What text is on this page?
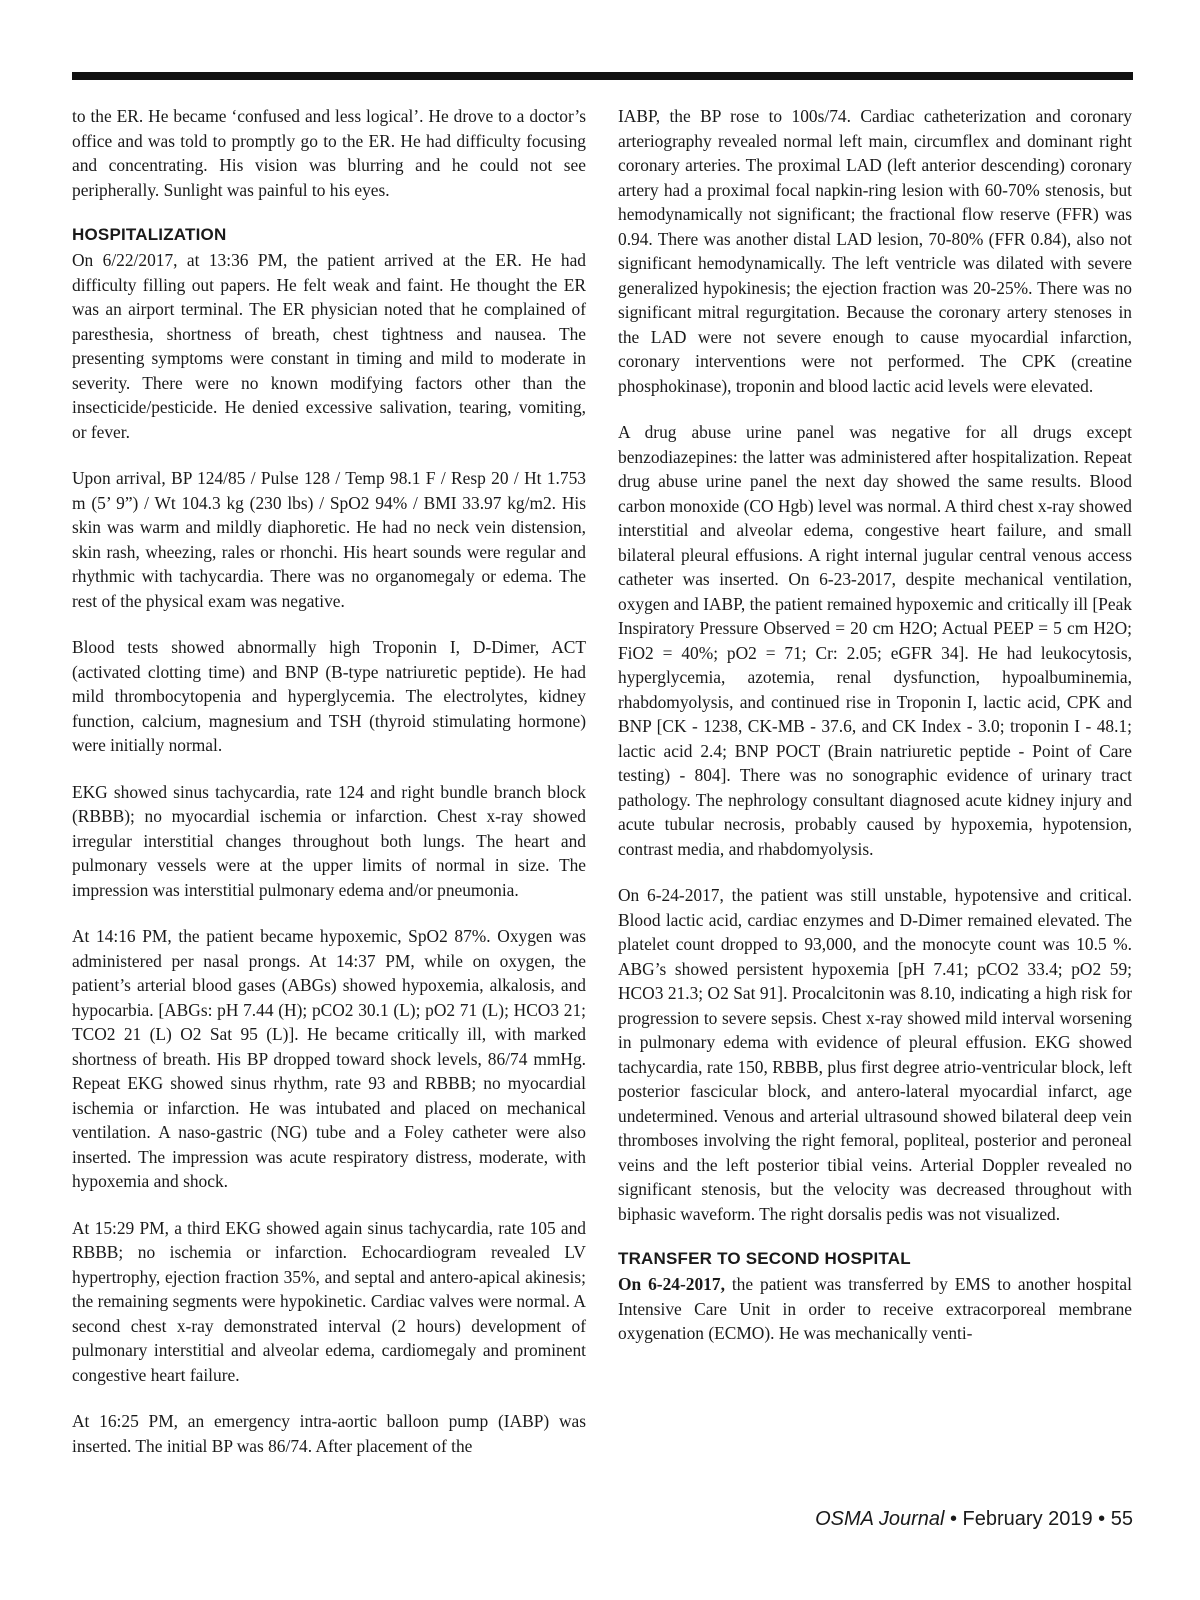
to the ER. He became ‘confused and less logical’. He drove to a doctor’s office and was told to promptly go to the ER. He had difficulty focusing and concentrating. His vision was blurring and he could not see peripherally. Sunlight was painful to his eyes.

HOSPITALIZATION

On 6/22/2017, at 13:36 PM, the patient arrived at the ER. He had difficulty filling out papers. He felt weak and faint. He thought the ER was an airport terminal. The ER physician noted that he complained of paresthesia, shortness of breath, chest tightness and nausea. The presenting symptoms were constant in timing and mild to moderate in severity. There were no known modifying factors other than the insecticide/pesticide. He denied excessive salivation, tearing, vomiting, or fever.

Upon arrival, BP 124/85 / Pulse 128 / Temp 98.1 F / Resp 20 / Ht 1.753 m (5’ 9”) / Wt 104.3 kg (230 lbs) / SpO2 94% / BMI 33.97 kg/m2. His skin was warm and mildly diaphoretic. He had no neck vein distension, skin rash, wheezing, rales or rhonchi. His heart sounds were regular and rhythmic with tachycardia. There was no organomegaly or edema. The rest of the physical exam was negative.

Blood tests showed abnormally high Troponin I, D-Dimer, ACT (activated clotting time) and BNP (B-type natriuretic peptide). He had mild thrombocytopenia and hyperglycemia. The electrolytes, kidney function, calcium, magnesium and TSH (thyroid stimulating hormone) were initially normal.

EKG showed sinus tachycardia, rate 124 and right bundle branch block (RBBB); no myocardial ischemia or infarction. Chest x-ray showed irregular interstitial changes throughout both lungs. The heart and pulmonary vessels were at the upper limits of normal in size. The impression was interstitial pulmonary edema and/or pneumonia.

At 14:16 PM, the patient became hypoxemic, SpO2 87%. Oxygen was administered per nasal prongs. At 14:37 PM, while on oxygen, the patient’s arterial blood gases (ABGs) showed hypoxemia, alkalosis, and hypocarbia. [ABGs: pH 7.44 (H); pCO2 30.1 (L); pO2 71 (L); HCO3 21; TCO2 21 (L) O2 Sat 95 (L)]. He became critically ill, with marked shortness of breath. His BP dropped toward shock levels, 86/74 mmHg. Repeat EKG showed sinus rhythm, rate 93 and RBBB; no myocardial ischemia or infarction. He was intubated and placed on mechanical ventilation. A naso-gastric (NG) tube and a Foley catheter were also inserted. The impression was acute respiratory distress, moderate, with hypoxemia and shock.

At 15:29 PM, a third EKG showed again sinus tachycardia, rate 105 and RBBB; no ischemia or infarction. Echocardiogram revealed LV hypertrophy, ejection fraction 35%, and septal and antero-apical akinesis; the remaining segments were hypokinetic. Cardiac valves were normal. A second chest x-ray demonstrated interval (2 hours) development of pulmonary interstitial and alveolar edema, cardiomegaly and prominent congestive heart failure.

At 16:25 PM, an emergency intra-aortic balloon pump (IABP) was inserted. The initial BP was 86/74. After placement of the

IABP, the BP rose to 100s/74. Cardiac catheterization and coronary arteriography revealed normal left main, circumflex and dominant right coronary arteries. The proximal LAD (left anterior descending) coronary artery had a proximal focal napkin-ring lesion with 60-70% stenosis, but hemodynamically not significant; the fractional flow reserve (FFR) was 0.94. There was another distal LAD lesion, 70-80% (FFR 0.84), also not significant hemodynamically. The left ventricle was dilated with severe generalized hypokinesis; the ejection fraction was 20-25%. There was no significant mitral regurgitation. Because the coronary artery stenoses in the LAD were not severe enough to cause myocardial infarction, coronary interventions were not performed. The CPK (creatine phosphokinase), troponin and blood lactic acid levels were elevated.

A drug abuse urine panel was negative for all drugs except benzodiazepines: the latter was administered after hospitalization. Repeat drug abuse urine panel the next day showed the same results. Blood carbon monoxide (CO Hgb) level was normal. A third chest x-ray showed interstitial and alveolar edema, congestive heart failure, and small bilateral pleural effusions. A right internal jugular central venous access catheter was inserted. On 6-23-2017, despite mechanical ventilation, oxygen and IABP, the patient remained hypoxemic and critically ill [Peak Inspiratory Pressure Observed = 20 cm H2O; Actual PEEP = 5 cm H2O; FiO2 = 40%; pO2 = 71; Cr: 2.05; eGFR 34]. He had leukocytosis, hyperglycemia, azotemia, renal dysfunction, hypoalbuminemia, rhabdomyolysis, and continued rise in Troponin I, lactic acid, CPK and BNP [CK - 1238, CK-MB - 37.6, and CK Index - 3.0; troponin I - 48.1; lactic acid 2.4; BNP POCT (Brain natriuretic peptide - Point of Care testing) - 804]. There was no sonographic evidence of urinary tract pathology. The nephrology consultant diagnosed acute kidney injury and acute tubular necrosis, probably caused by hypoxemia, hypotension, contrast media, and rhabdomyolysis.

On 6-24-2017, the patient was still unstable, hypotensive and critical. Blood lactic acid, cardiac enzymes and D-Dimer remained elevated. The platelet count dropped to 93,000, and the monocyte count was 10.5 %. ABG’s showed persistent hypoxemia [pH 7.41; pCO2 33.4; pO2 59; HCO3 21.3; O2 Sat 91]. Procalcitonin was 8.10, indicating a high risk for progression to severe sepsis. Chest x-ray showed mild interval worsening in pulmonary edema with evidence of pleural effusion. EKG showed tachycardia, rate 150, RBBB, plus first degree atrio-ventricular block, left posterior fascicular block, and antero-lateral myocardial infarct, age undetermined. Venous and arterial ultrasound showed bilateral deep vein thromboses involving the right femoral, popliteal, posterior and peroneal veins and the left posterior tibial veins. Arterial Doppler revealed no significant stenosis, but the velocity was decreased throughout with biphasic waveform. The right dorsalis pedis was not visualized.

TRANSFER TO SECOND HOSPITAL

On 6-24-2017, the patient was transferred by EMS to another hospital Intensive Care Unit in order to receive extracorporeal membrane oxygenation (ECMO). He was mechanically venti-

OSMA Journal • February 2019 • 55
